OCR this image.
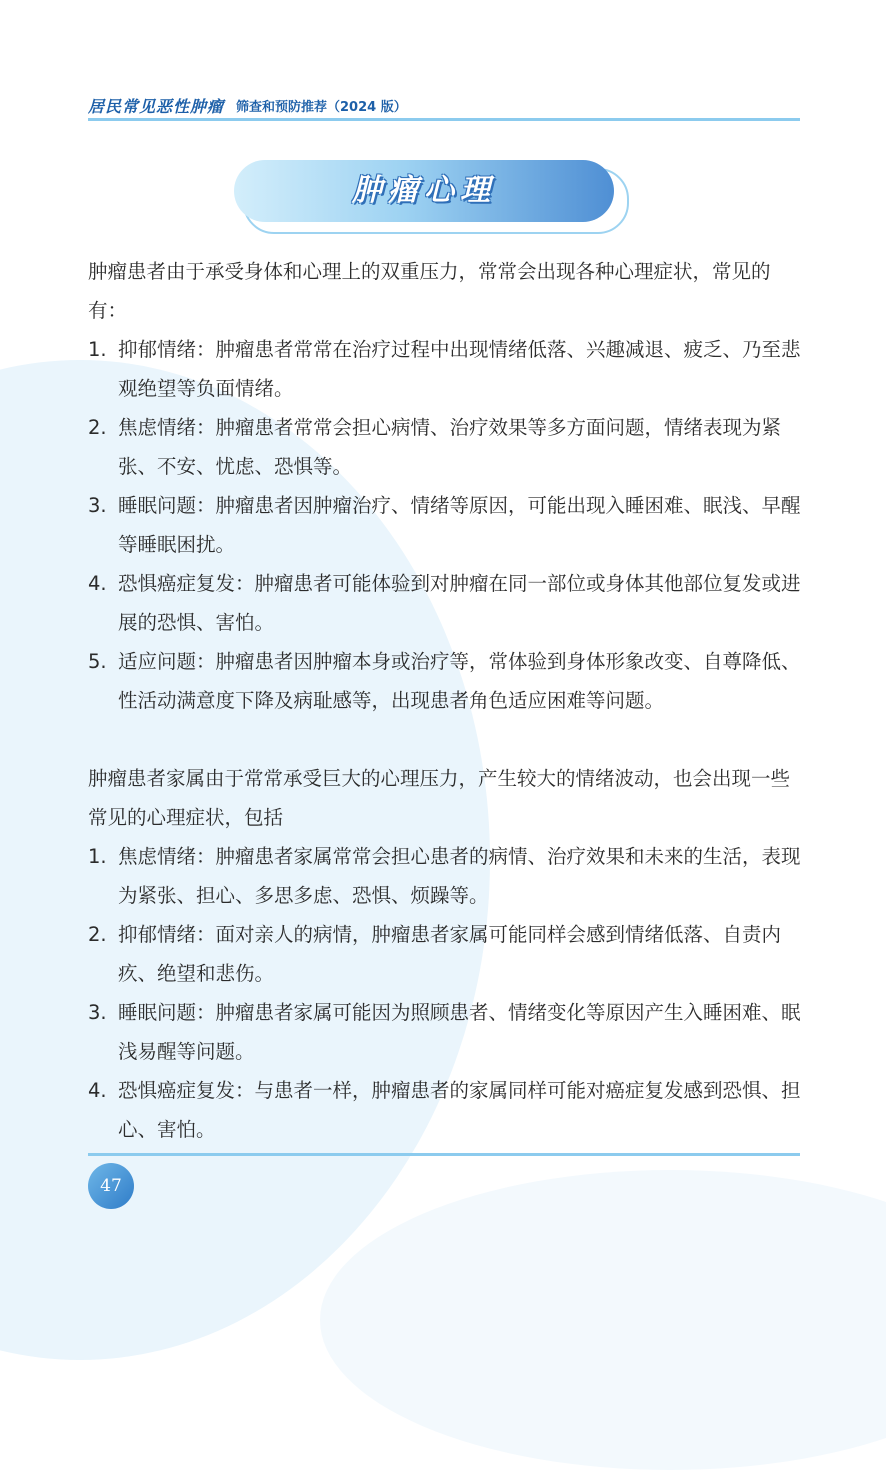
居民常见恶性肿瘤 筛查和预防推荐（2024 版）
肿瘤心理

肿瘤患者由于承受身体和心理上的双重压力，常常会出现各种心理症状，常见的有：

1. 抑郁情绪：肿瘤患者常常在治疗过程中出现情绪低落、兴趣减退、疲乏、乃至悲观绝望等负面情绪。
2. 焦虑情绪：肿瘤患者常常会担心病情、治疗效果等多方面问题，情绪表现为紧张、不安、忧虑、恐惧等。
3. 睡眠问题：肿瘤患者因肿瘤治疗、情绪等原因，可能出现入睡困难、眠浅、早醒等睡眠困扰。
4. 恐惧癌症复发：肿瘤患者可能体验到对肿瘤在同一部位或身体其他部位复发或进展的恐惧、害怕。
5. 适应问题：肿瘤患者因肿瘤本身或治疗等，常体验到身体形象改变、自尊降低、性活动满意度下降及病耻感等，出现患者角色适应困难等问题。

肿瘤患者家属由于常常承受巨大的心理压力，产生较大的情绪波动，也会出现一些常见的心理症状，包括

1. 焦虑情绪：肿瘤患者家属常常会担心患者的病情、治疗效果和未来的生活，表现为紧张、担心、多思多虑、恐惧、烦躁等。
2. 抑郁情绪：面对亲人的病情，肿瘤患者家属可能同样会感到情绪低落、自责内疚、绝望和悲伤。
3. 睡眠问题：肿瘤患者家属可能因为照顾患者、情绪变化等原因产生入睡困难、眠浅易醒等问题。
4. 恐惧癌症复发：与患者一样，肿瘤患者的家属同样可能对癌症复发感到恐惧、担心、害怕。
47
